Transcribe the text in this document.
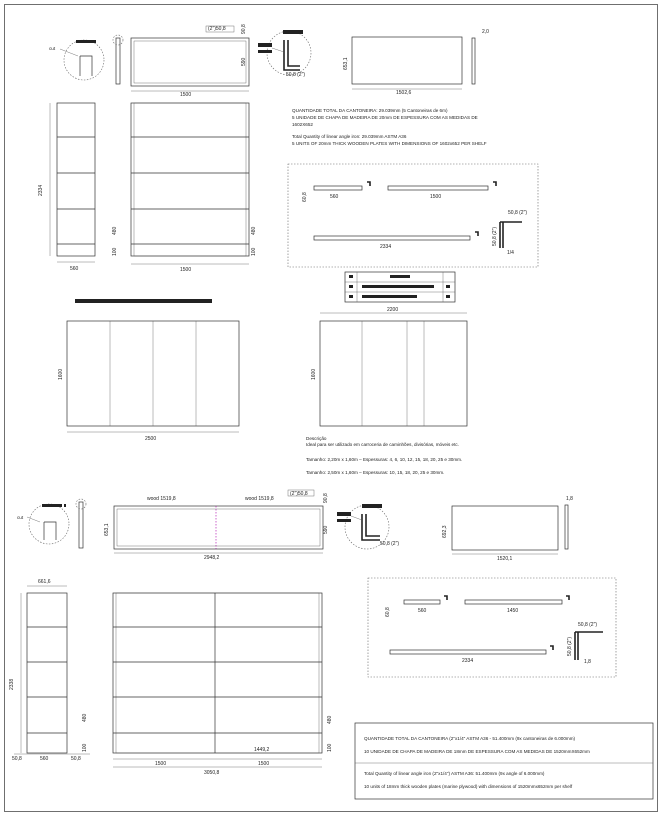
cut
1500
(2")50,8	90,8
590
50,8 (2")
1502,6
653,1
2,0
2334
560
480
100
1500
480
100
QUANTIDADE TOTAL DA CANTONEIRA: 29.039mm (5 Cantoneiras de 6m)
5 UNIDADE DE CHAPA DE MADEIRA DE 20mm DE ESPESSURA COM AS MEDIDAS DE
1602X652
Total Quantity of linear angle iron: 29.039mm ASTM A36
5 UNITS OF 20mm THICK WOODEN PLATES WITH DIMENSIONS OF 1602x652 PER SHELF
60,8	560	1500
2334
50,8 (2")
50,8 (2")
1/4
2500
1600
2200
1600
Descrição
Ideal para ser utilizado em carroceria de caminhões, divisórias, móveis etc.
Tamanho: 2,20m x 1,60m – Espessuras: 4, 6, 10, 12, 15, 18, 20, 25 e 30mm.
Tamanho: 2,50m x 1,60m – Espessuras: 10, 15, 18, 20, 25 e 30mm.
cut
wood 1519,8	wood 1519,8
(2")50,8
2948,2
653,1
90,8
590
50,8 (2")
1520,1
692,3
1,8
661,6
2338
50,8	560	50,8
480
100	1449,2
1500	1500
3050,8
480
100
60,8	560	1450
2334
50,8 (2")
50,8 (2")
1,8
QUANTIDADE TOTAL DA CANTONEIRA (2"x1/4" ASTM A36 - 51.400mm (9x cantoneiras de 6.000mm)
10 UNIDADE DE CHAPA DE MADEIRA DE 18mm DE ESPESSURA COM AS MEDIDAS DE 1520mmX652mm
Total Quantity of linear angle iron (2"x1/4") ASTM A36: 51.400mm (9x angle of 6.000mm)
10 units of 18mm thick wooden plates (marine plywood) with dimensions of 1520mmx652mm per shelf
